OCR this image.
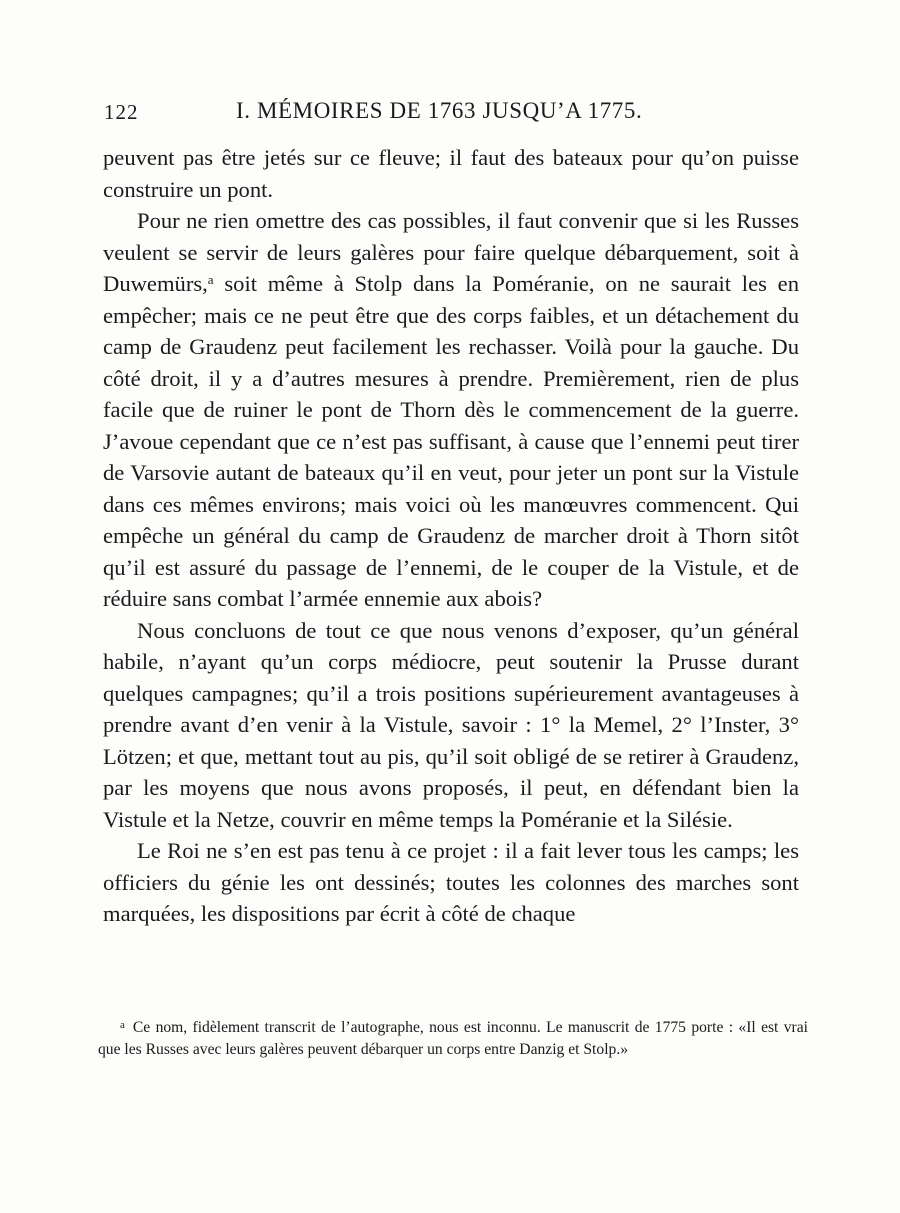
122	I. MÉMOIRES DE 1763 JUSQU’A 1775.

peuvent pas être jetés sur ce fleuve; il faut des bateaux pour qu’on puisse construire un pont.

Pour ne rien omettre des cas possibles, il faut convenir que si les Russes veulent se servir de leurs galères pour faire quelque débarquement, soit à Duwemürs,$^a$ soit même à Stolp dans la Poméranie, on ne saurait les en empêcher; mais ce ne peut être que des corps faibles, et un détachement du camp de Graudenz peut facilement les rechasser. Voilà pour la gauche. Du côté droit, il y a d’autres mesures à prendre. Premièrement, rien de plus facile que de ruiner le pont de Thorn dès le commencement de la guerre. J’avoue cependant que ce n’est pas suffisant, à cause que l’ennemi peut tirer de Varsovie autant de bateaux qu’il en veut, pour jeter un pont sur la Vistule dans ces mêmes environs; mais voici où les manœuvres commencent. Qui empêche un général du camp de Graudenz de marcher droit à Thorn sitôt qu’il est assuré du passage de l’ennemi, de le couper de la Vistule, et de réduire sans combat l’armée ennemie aux abois?

Nous concluons de tout ce que nous venons d’exposer, qu’un général habile, n’ayant qu’un corps médiocre, peut soutenir la Prusse durant quelques campagnes; qu’il a trois positions supérieurement avantageuses à prendre avant d’en venir à la Vistule, savoir : 1° la Memel, 2° l’Inster, 3° Lötzen; et que, mettant tout au pis, qu’il soit obligé de se retirer à Graudenz, par les moyens que nous avons proposés, il peut, en défendant bien la Vistule et la Netze, couvrir en même temps la Poméranie et la Silésie.

Le Roi ne s’en est pas tenu à ce projet : il a fait lever tous les camps; les officiers du génie les ont dessinés; toutes les colonnes des marches sont marquées, les dispositions par écrit à côté de chaque

a Ce nom, fidèlement transcrit de l’autographe, nous est inconnu. Le manuscrit de 1775 porte : «Il est vrai que les Russes avec leurs galères peuvent débarquer un corps entre Danzig et Stolp.»
